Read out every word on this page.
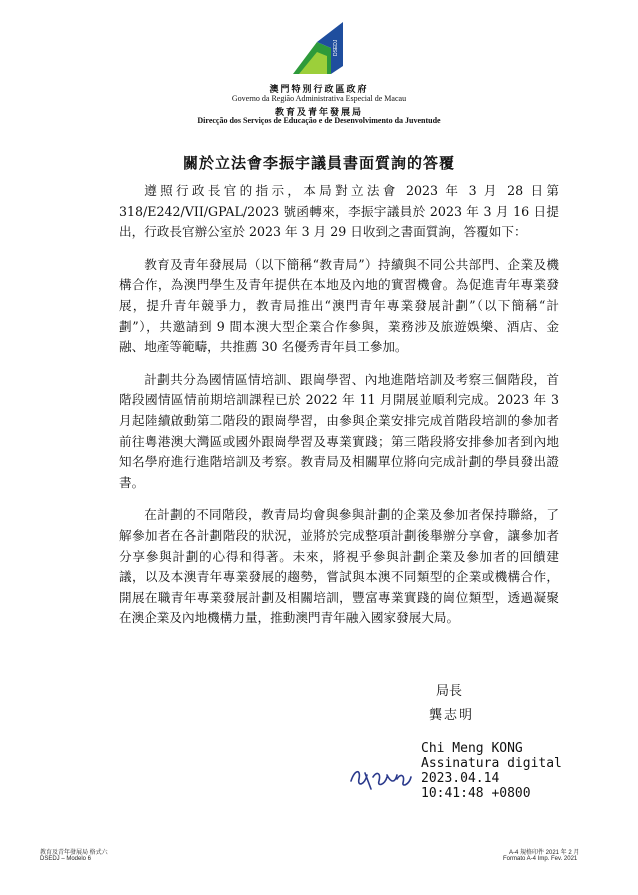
DSEDJ
澳門特別行政區政府
Governo da Região Administrativa Especial de Macau
教育及青年發展局
Direcção dos Serviços de Educação e de Desenvolvimento da Juventude
關於立法會李振宇議員書面質詢的答覆

遵照行政長官的指示，本局對立法會 2023 年 3 月 28 日第 318/E242/VII/GPAL/2023 號函轉來，李振宇議員於 2023 年 3 月 16 日提出，行政長官辦公室於 2023 年 3 月 29 日收到之書面質詢，答覆如下：

教育及青年發展局（以下簡稱“教青局”）持續與不同公共部門、企業及機構合作，為澳門學生及青年提供在本地及內地的實習機會。為促進青年專業發展，提升青年競爭力，教青局推出“澳門青年專業發展計劃”（以下簡稱“計劃”），共邀請到 9 間本澳大型企業合作參與，業務涉及旅遊娛樂、酒店、金融、地產等範疇，共推薦 30 名優秀青年員工參加。

計劃共分為國情區情培訓、跟崗學習、內地進階培訓及考察三個階段，首階段國情區情前期培訓課程已於 2022 年 11 月開展並順利完成。2023 年 3 月起陸續啟動第二階段的跟崗學習，由參與企業安排完成首階段培訓的參加者前往粵港澳大灣區或國外跟崗學習及專業實踐；第三階段將安排參加者到內地知名學府進行進階培訓及考察。教青局及相關單位將向完成計劃的學員發出證書。

在計劃的不同階段，教青局均會與參與計劃的企業及參加者保持聯絡，了解參加者在各計劃階段的狀況，並將於完成整項計劃後舉辦分享會，讓參加者分享參與計劃的心得和得著。未來，將視乎參與計劃企業及參加者的回饋建議，以及本澳青年專業發展的趨勢，嘗試與本澳不同類型的企業或機構合作，開展在職青年專業發展計劃及相關培訓，豐富專業實踐的崗位類型，透過凝聚在澳企業及內地機構力量，推動澳門青年融入國家發展大局。

局長
龔志明
Chi Meng KONG
Assinatura digital
2023.04.14
10:41:48 +0800
教育及青年發展局 格式六
DSEDJ – Modelo 6
A-4 規格印件 2021 年 2 月
Formato A-4 Imp. Fev. 2021
